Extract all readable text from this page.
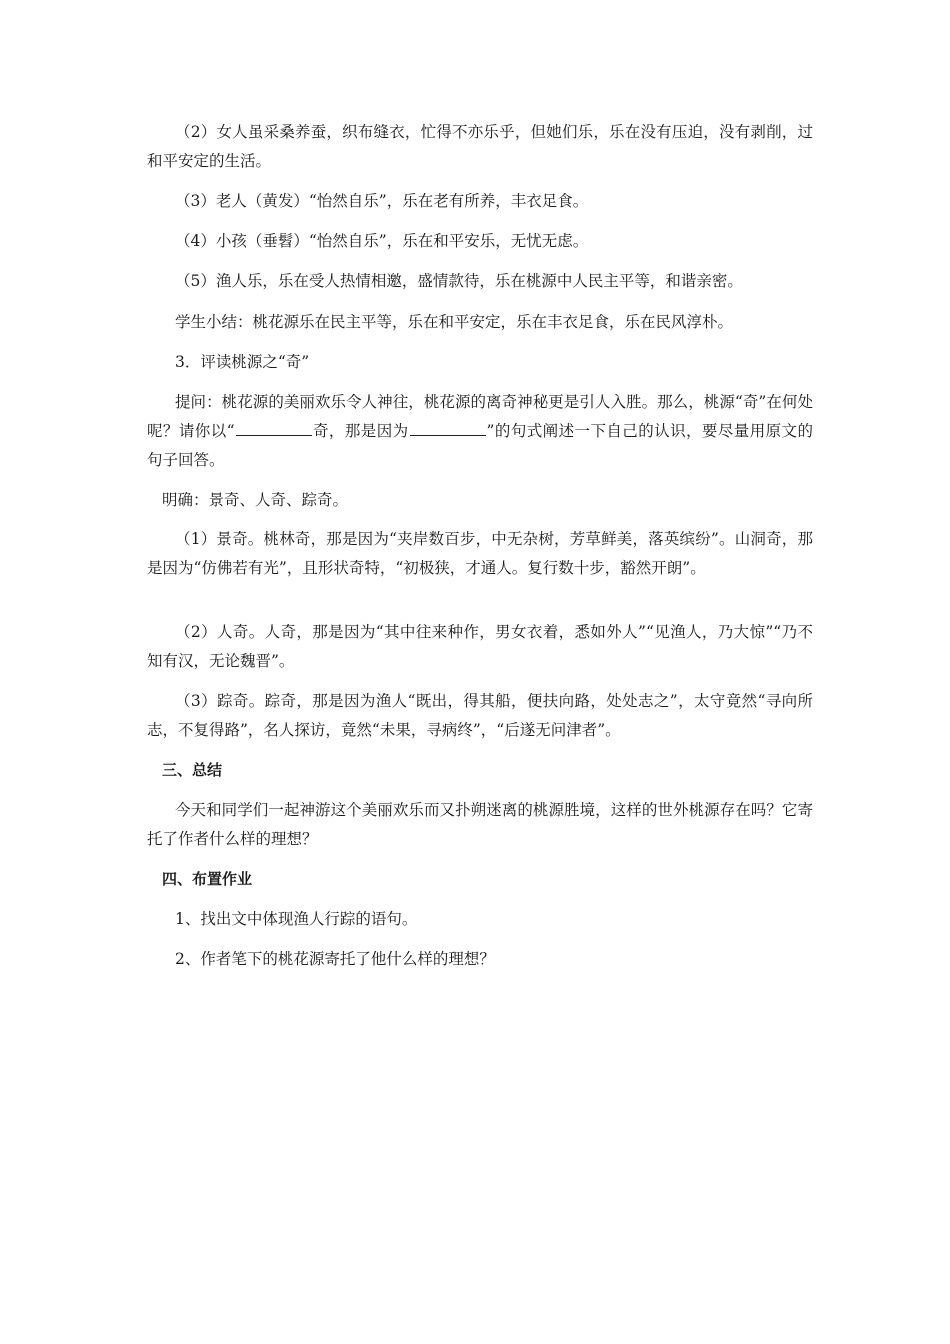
（2）女人虽采桑养蚕，织布缝衣，忙得不亦乐乎，但她们乐，乐在没有压迫，没有剥削，过和平安定的生活。

（3）老人（黄发）“怡然自乐”，乐在老有所养，丰衣足食。

（4）小孩（垂髫）“怡然自乐”，乐在和平安乐，无忧无虑。

（5）渔人乐，乐在受人热情相邀，盛情款待，乐在桃源中人民主平等，和谐亲密。

学生小结：桃花源乐在民主平等，乐在和平安定，乐在丰衣足食，乐在民风淳朴。

3．评读桃源之“奇”

提问：桃花源的美丽欢乐令人神往，桃花源的离奇神秘更是引人入胜。那么，桃源“奇”在何处呢？请你以“	奇，那是因为	”的句式阐述一下自己的认识，要尽量用原文的句子回答。

明确：景奇、人奇、踪奇。

（1）景奇。桃林奇，那是因为“夹岸数百步，中无杂树，芳草鲜美，落英缤纷”。山洞奇，那是因为“仿佛若有光”，且形状奇特，“初极狭，才通人。复行数十步，豁然开朗”。

（2）人奇。人奇，那是因为“其中往来种作，男女衣着，悉如外人”“见渔人，乃大惊”“乃不知有汉，无论魏晋”。

（3）踪奇。踪奇，那是因为渔人“既出，得其船，便扶向路，处处志之”，太守竟然“寻向所志，不复得路”，名人探访，竟然“未果，寻病终”，“后遂无问津者”。

三、总结

今天和同学们一起神游这个美丽欢乐而又扑朔迷离的桃源胜境，这样的世外桃源存在吗？它寄托了作者什么样的理想？

四、布置作业

1、找出文中体现渔人行踪的语句。

2、作者笔下的桃花源寄托了他什么样的理想？
